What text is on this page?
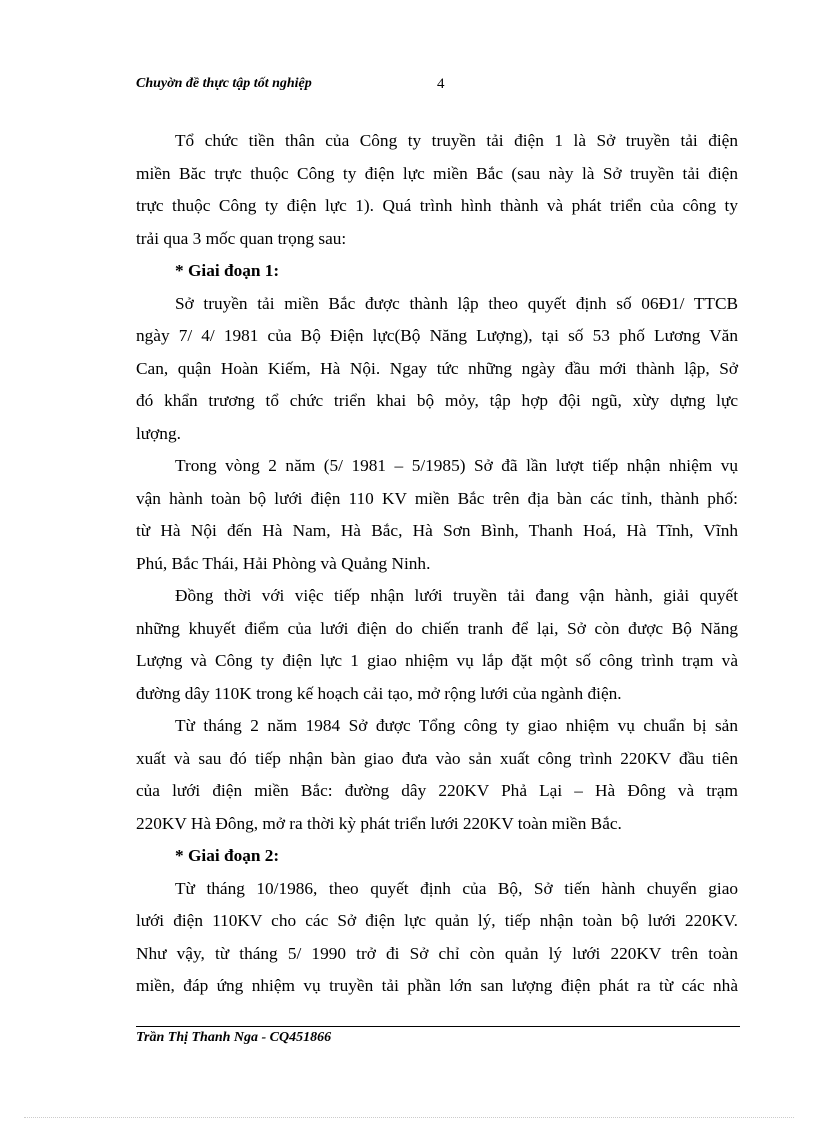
Chuyờn đề thực tập tốt nghiệp	4
Tổ chức tiền thân của Công ty truyền tải điện 1 là Sở truyền tải điện
miền Băc trực thuộc Công ty điện lực miền Bắc (sau này là Sở truyền tải điện
trực thuộc Công ty điện lực 1). Quá trình hình thành và phát triển của công ty
trải qua 3 mốc quan trọng sau:
* Giai đoạn 1:
Sở truyền tải miền Bắc được thành lập theo quyết định số 06Đ1/ TTCB
ngày 7/ 4/ 1981 của Bộ Điện lực(Bộ Năng Lượng), tại số 53 phố Lương Văn
Can, quận Hoàn Kiếm, Hà Nội. Ngay tức những ngày đầu mới thành lập, Sở
đó khẩn trương tổ chức triển khai bộ mỏy, tập hợp đội ngũ, xừy dựng lực
lượng.
Trong vòng 2 năm (5/ 1981 – 5/1985) Sở đã lần lượt tiếp nhận nhiệm vụ
vận hành toàn bộ lưới điện 110 KV miền Bắc trên địa bàn các tỉnh, thành phố:
từ Hà Nội đến Hà Nam, Hà Bắc, Hà Sơn Bình, Thanh Hoá, Hà Tĩnh, Vĩnh
Phú, Bắc Thái, Hải Phòng và Quảng Ninh.
Đồng thời với việc tiếp nhận lưới truyền tải đang vận hành, giải quyết
những khuyết điểm của lưới điện do chiến tranh để lại, Sở còn được Bộ Năng
Lượng và Công ty điện lực 1 giao nhiệm vụ lắp đặt một số công trình trạm và
đường dây 110K trong kế hoạch cải tạo, mở rộng lưới của ngành điện.
Từ tháng 2 năm 1984 Sở được Tổng công ty giao nhiệm vụ chuẩn bị sản
xuất và sau đó tiếp nhận bàn giao đưa vào sản xuất công trình 220KV đầu tiên
của lưới điện miền Bắc: đường dây 220KV Phả Lại – Hà Đông và trạm
220KV Hà Đông, mở ra thời kỳ phát triển lưới 220KV toàn miền Bắc.
* Giai đoạn 2:
Từ tháng 10/1986, theo quyết định của Bộ, Sở tiến hành chuyển giao
lưới điện 110KV cho các Sở điện lực quản lý, tiếp nhận toàn bộ lưới 220KV.
Như vậy, từ tháng 5/ 1990 trở đi Sở chỉ còn quản lý lưới 220KV trên toàn
miền, đáp ứng nhiệm vụ truyền tải phần lớn san lượng điện phát ra từ các nhà
Trần Thị Thanh Nga - CQ451866
